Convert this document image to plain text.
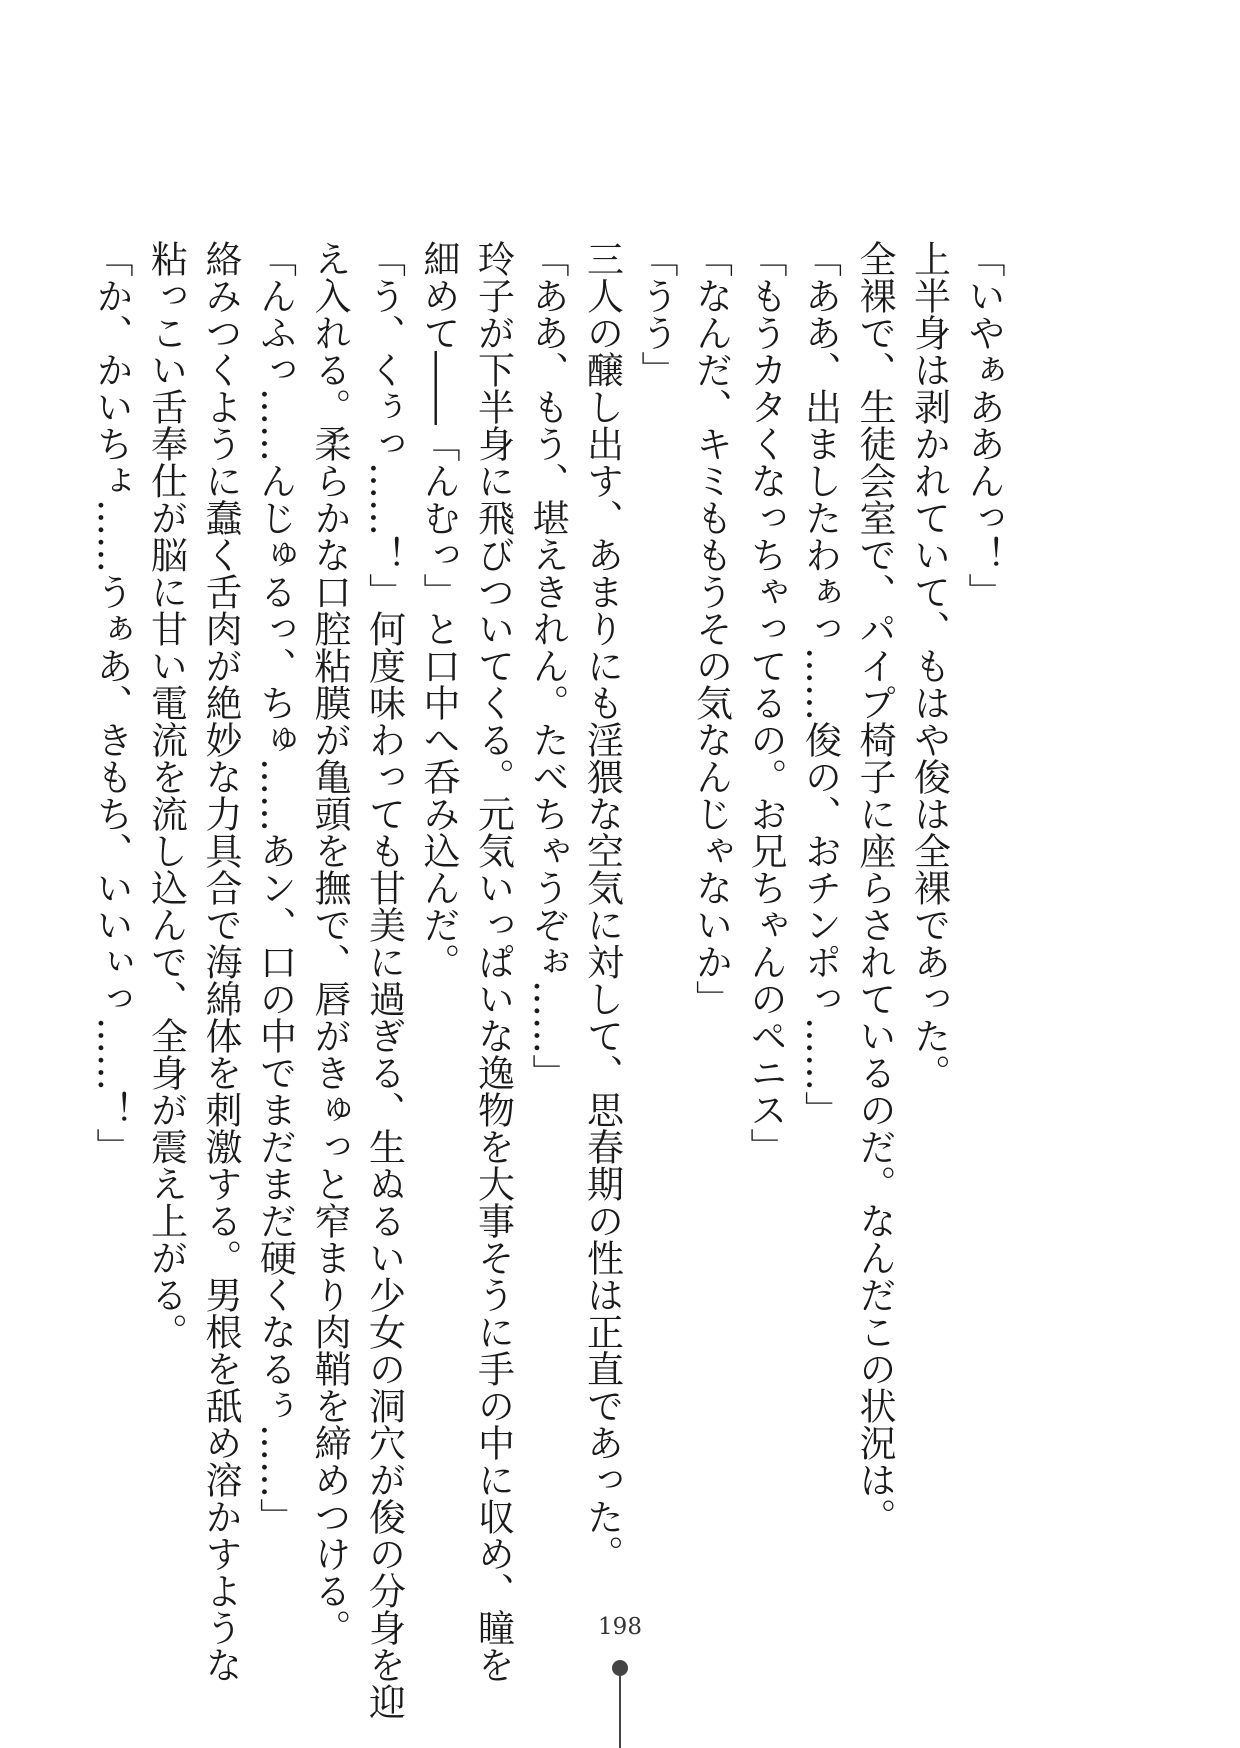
「いやぁああんっ！」
上半身は剥かれていて、もはや俊は全裸であった。
全裸で、生徒会室で、パイプ椅子に座らされているのだ。なんだこの状況は。
「ああ、出ましたわぁっ……俊の、おチンポっ……」
「もうカタくなっちゃってるの。お兄ちゃんのペニス」
「なんだ、キミももうその気なんじゃないか」
「うう」
三人の醸し出す、あまりにも淫猥な空気に対して、思春期の性は正直であった。
「ああ、もう、堪えきれん。たべちゃうぞぉ……」
玲子が下半身に飛びついてくる。元気いっぱいな逸物を大事そうに手の中に収め、瞳を
細めて――「んむっ」と口中へ呑み込んだ。
「う、くぅっ……！」何度味わっても甘美に過ぎる、生ぬるい少女の洞穴が俊の分身を迎
え入れる。柔らかな口腔粘膜が亀頭を撫で、唇がきゅっと窄まり肉鞘を締めつける。
「んふっ……んじゅるっ、ちゅ……あン、口の中でまだまだ硬くなるぅ……」
絡みつくように蠢く舌肉が絶妙な力具合で海綿体を刺激する。男根を舐め溶かすような
粘っこい舌奉仕が脳に甘い電流を流し込んで、全身が震え上がる。
「か、かいちょ……うぁあ、きもち、いいぃっ……！」
198
